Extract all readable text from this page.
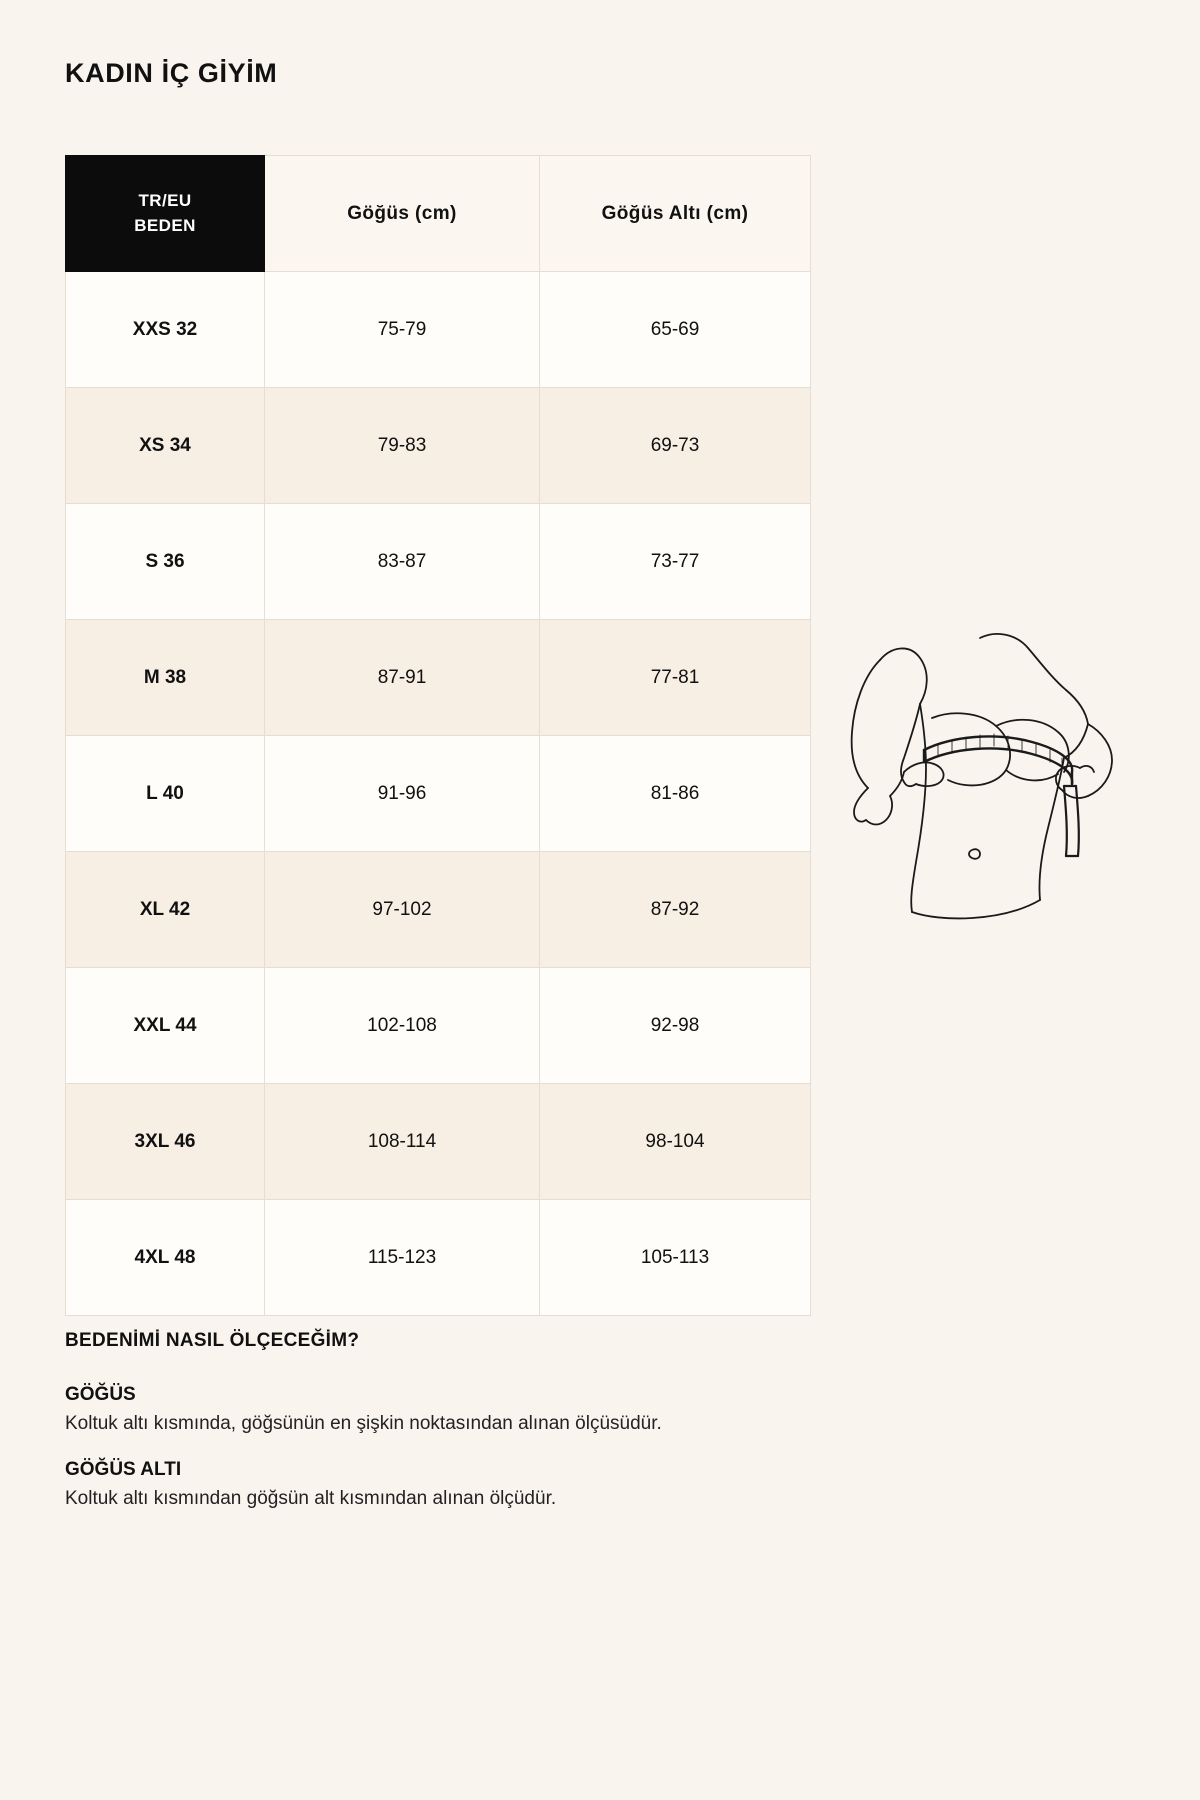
KADIN İÇ GİYİM
TR/EU
BEDEN	Göğüs (cm)	Göğüs Altı (cm)
XXS 32	75-79	65-69
XS 34	79-83	69-73
S 36	83-87	73-77
M 38	87-91	77-81
L 40	91-96	81-86
XL 42	97-102	87-92
XXL 44	102-108	92-98
3XL 46	108-114	98-104
4XL 48	115-123	105-113
BEDENİMİ NASIL ÖLÇECEĞİM?
GÖĞÜS
Koltuk altı kısmında, göğsünün en şişkin noktasından alınan ölçüsüdür.
GÖĞÜS ALTI
Koltuk altı kısmından göğsün alt kısmından alınan ölçüdür.
